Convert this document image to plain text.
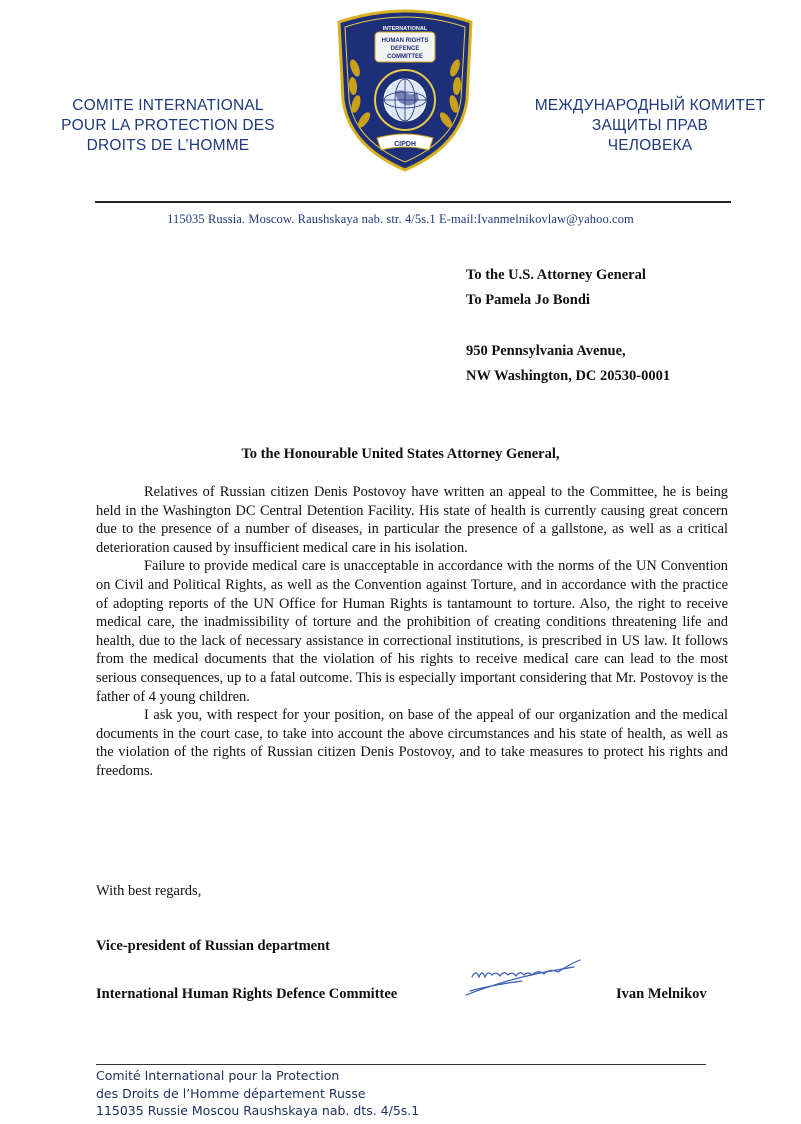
COMITE INTERNATIONAL
POUR LA PROTECTION DES
DROITS DE L’HOMME
INTERNATIONAL
HUMAN RIGHTS
DEFENCE
COMMITTEE
CIPDH
МЕЖДУНАРОДНЫЙ КОМИТЕТ
ЗАЩИТЫ ПРАВ
ЧЕЛОВЕКА
115035 Russia. Moscow. Raushskaya nab. str. 4/5s.1 E-mail:Ivanmelnikovlaw@yahoo.com
To the U.S. Attorney General
To Pamela Jo Bondi
950 Pennsylvania Avenue,
NW Washington, DC 20530-0001
To the Honourable United States Attorney General,

Relatives of Russian citizen Denis Postovoy have written an appeal to the Committee, he is being held in the Washington DC Central Detention Facility. His state of health is currently causing great concern due to the presence of a number of diseases, in particular the presence of a gallstone, as well as a critical deterioration caused by insufficient medical care in his isolation.

Failure to provide medical care is unacceptable in accordance with the norms of the UN Convention on Civil and Political Rights, as well as the Convention against Torture, and in accordance with the practice of adopting reports of the UN Office for Human Rights is tantamount to torture. Also, the right to receive medical care, the inadmissibility of torture and the prohibition of creating conditions threatening life and health, due to the lack of necessary assistance in correctional institutions, is prescribed in US law. It follows from the medical documents that the violation of his rights to receive medical care can lead to the most serious consequences, up to a fatal outcome. This is especially important considering that Mr. Postovoy is the father of 4 young children.

I ask you, with respect for your position, on base of the appeal of our organization and the medical documents in the court case, to take into account the above circumstances and his state of health, as well as the violation of the rights of Russian citizen Denis Postovoy, and to take measures to protect his rights and freedoms.

With best regards,
Vice-president of Russian department
International Human Rights Defence Committee	Ivan Melnikov
Comité International pour la Protection
des Droits de l’Homme département Russe
115035 Russie Moscou Raushskaya nab. dts. 4/5s.1
